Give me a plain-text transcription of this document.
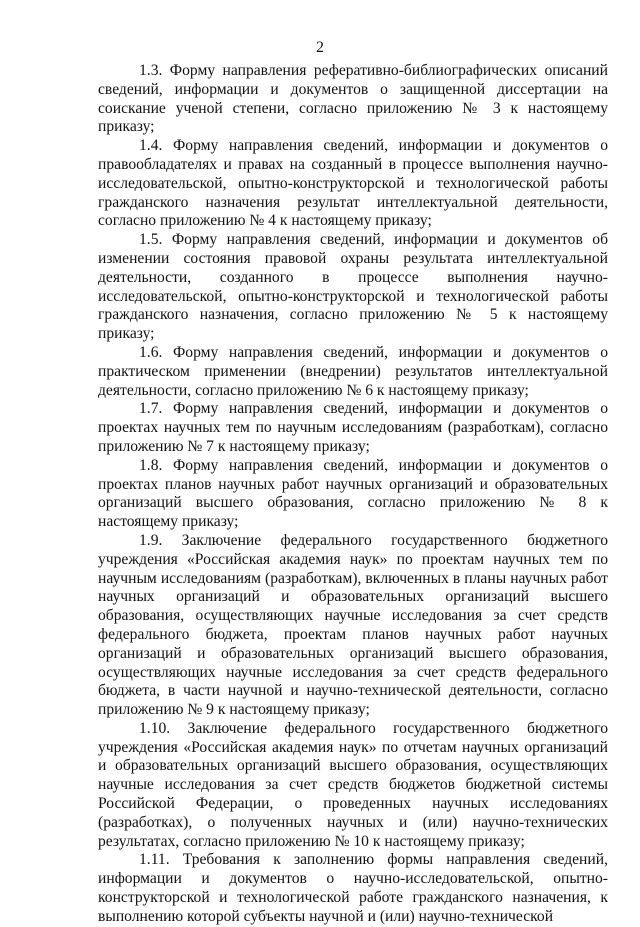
2

1.3. Форму направления реферативно-библиографических описаний сведений, информации и документов о защищенной диссертации на соискание ученой степени, согласно приложению № 3 к настоящему приказу;

1.4. Форму направления сведений, информации и документов о правообладателях и правах на созданный в процессе выполнения научно-исследовательской, опытно-конструкторской и технологической работы гражданского назначения результат интеллектуальной деятельности, согласно приложению № 4 к настоящему приказу;

1.5. Форму направления сведений, информации и документов об изменении состояния правовой охраны результата интеллектуальной деятельности, созданного в процессе выполнения научно-исследовательской, опытно-конструкторской и технологической работы гражданского назначения, согласно приложению № 5 к настоящему приказу;

1.6. Форму направления сведений, информации и документов о практическом применении (внедрении) результатов интеллектуальной деятельности, согласно приложению № 6 к настоящему приказу;

1.7. Форму направления сведений, информации и документов о проектах научных тем по научным исследованиям (разработкам), согласно приложению № 7 к настоящему приказу;

1.8. Форму направления сведений, информации и документов о проектах планов научных работ научных организаций и образовательных организаций высшего образования, согласно приложению № 8 к настоящему приказу;

1.9. Заключение федерального государственного бюджетного учреждения «Российская академия наук» по проектам научных тем по научным исследованиям (разработкам), включенных в планы научных работ научных организаций и образовательных организаций высшего образования, осуществляющих научные исследования за счет средств федерального бюджета, проектам планов научных работ научных организаций и образовательных организаций высшего образования, осуществляющих научные исследования за счет средств федерального бюджета, в части научной и научно-технической деятельности, согласно приложению № 9 к настоящему приказу;

1.10. Заключение федерального государственного бюджетного учреждения «Российская академия наук» по отчетам научных организаций и образовательных организаций высшего образования, осуществляющих научные исследования за счет средств бюджетов бюджетной системы Российской Федерации, о проведенных научных исследованиях (разработках), о полученных научных и (или) научно-технических результатах, согласно приложению № 10 к настоящему приказу;

1.11. Требования к заполнению формы направления сведений, информации и документов о научно-исследовательской, опытно-конструкторской и технологической работе гражданского назначения, к выполнению которой субъекты научной и (или) научно-технической
